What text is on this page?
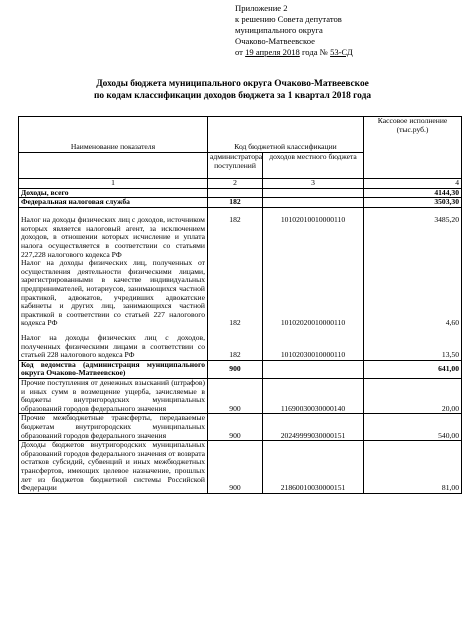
Приложение 2
к решению Совета депутатов
муниципального округа
Очаково-Матвеевское
от 19 апреля 2018 года № 53-СД
Доходы бюджета муниципального округа Очаково-Матвеевское
по кодам классификации доходов бюджета за 1 квартал 2018 года
Наименование показателя	Код бюджетной классификации		Кассовое исполнение (тыс.руб.)
	администратора поступлений	доходов местного бюджета	
1	2	3	4
Доходы, всего			4144,30
Федеральная налоговая служба	182		3503,30

Налог на доходы физических лиц с доходов, источником которых является налоговый агент, за исключением доходов, в отношении которых исчисление и уплата налога осуществляется в соответствии со статьями 227,228 налогового кодекса РФ	182	10102010010000110	3485,20
Налог на доходы физических лиц, полученных от осуществления деятельности физическими лицами, зарегистрированными в качестве индивидуальных предпринимателей, нотариусов, занимающихся частной практикой, адвокатов, учредивших адвокатские кабинеты и других лиц, занимающихся частной практикой в соответствии со статьей 227 налогового кодекса РФ	182	10102020010000110	4,60

Налог на доходы физических лиц с доходов, полученных физическими лицами в соответствии со статьей 228 налогового кодекса РФ	182	10102030010000110	13,50
Код ведомства (администрация муниципального округа Очаково-Матвеевское)	900		641,00
Прочие поступления от денежных взысканий (штрафов) и иных сумм в возмещение ущерба, зачисляемые в бюджеты внутригородских муниципальных образований городов федерального значения	900	11690030030000140	20,00
Прочие межбюджетные трансферты, передаваемые бюджетам внутригородских муниципальных образований городов федерального значения	900	20249999030000151	540,00
Доходы бюджетов внутригородских муниципальных образований городов федерального значения от возврата остатков субсидий, субвенций и иных межбюджетных трансфертов, имеющих целевое назначение, прошлых лет из бюджетов бюджетной системы Российской Федерации	900	21860010030000151	81,00
